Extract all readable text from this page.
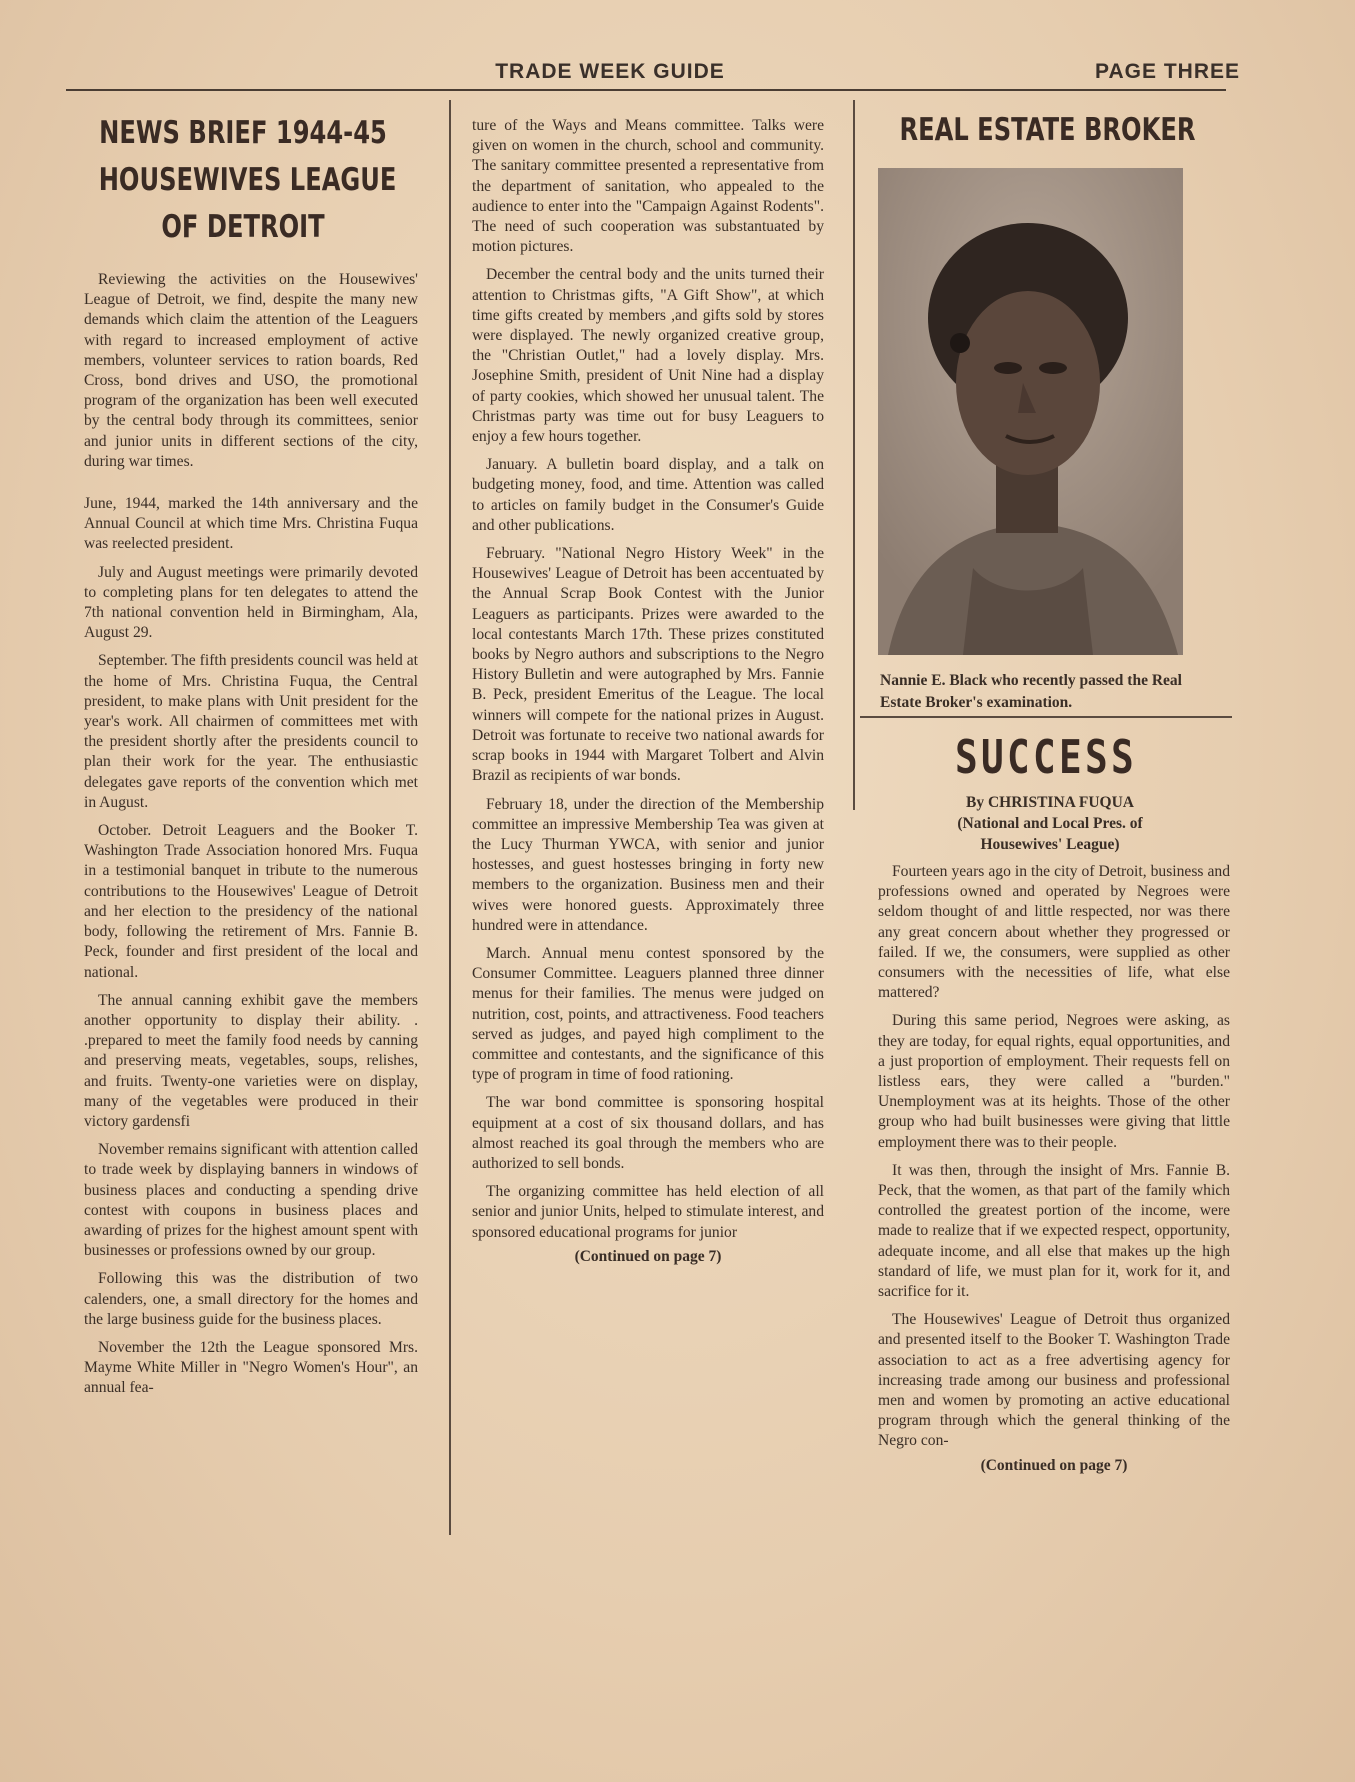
TRADE WEEK GUIDE	PAGE THREE
NEWS BRIEF 1944-45
HOUSEWIVES LEAGUE
OF DETROIT

Reviewing the activities on the Housewives' League of Detroit, we find, despite the many new demands which claim the attention of the Leaguers with regard to increased employment of active members, volunteer services to ration boards, Red Cross, bond drives and USO, the promotional program of the organization has been well executed by the central body through its committees, senior and junior units in different sections of the city, during war times.

June, 1944, marked the 14th anniversary and the Annual Council at which time Mrs. Christina Fuqua was reelected president.

July and August meetings were primarily devoted to completing plans for ten delegates to attend the 7th national convention held in Birmingham, Ala, August 29.

September. The fifth presidents council was held at the home of Mrs. Christina Fuqua, the Central president, to make plans with Unit president for the year's work. All chairmen of committees met with the president shortly after the presidents council to plan their work for the year. The enthusiastic delegates gave reports of the convention which met in August.

October. Detroit Leaguers and the Booker T. Washington Trade Association honored Mrs. Fuqua in a testimonial banquet in tribute to the numerous contributions to the Housewives' League of Detroit and her election to the presidency of the national body, following the retirement of Mrs. Fannie B. Peck, founder and first president of the local and national.

The annual canning exhibit gave the members another opportunity to display their ability. . .prepared to meet the family food needs by canning and preserving meats, vegetables, soups, relishes, and fruits. Twenty-one varieties were on display, many of the vegetables were produced in their victory gardensfi

November remains significant with attention called to trade week by displaying banners in windows of business places and conducting a spending drive contest with coupons in business places and awarding of prizes for the highest amount spent with businesses or professions owned by our group.

Following this was the distribution of two calenders, one, a small directory for the homes and the large business guide for the business places.

November the 12th the League sponsored Mrs. Mayme White Miller in "Negro Women's Hour", an annual fea-

ture of the Ways and Means committee. Talks were given on women in the church, school and community. The sanitary committee presented a representative from the department of sanitation, who appealed to the audience to enter into the "Campaign Against Rodents". The need of such cooperation was substantuated by motion pictures.

December the central body and the units turned their attention to Christmas gifts, "A Gift Show", at which time gifts created by members ,and gifts sold by stores were displayed. The newly organized creative group, the "Christian Outlet," had a lovely display. Mrs. Josephine Smith, president of Unit Nine had a display of party cookies, which showed her unusual talent. The Christmas party was time out for busy Leaguers to enjoy a few hours together.

January. A bulletin board display, and a talk on budgeting money, food, and time. Attention was called to articles on family budget in the Consumer's Guide and other publications.

February. "National Negro History Week" in the Housewives' League of Detroit has been accentuated by the Annual Scrap Book Contest with the Junior Leaguers as participants. Prizes were awarded to the local contestants March 17th. These prizes constituted books by Negro authors and subscriptions to the Negro History Bulletin and were autographed by Mrs. Fannie B. Peck, president Emeritus of the League. The local winners will compete for the national prizes in August. Detroit was fortunate to receive two national awards for scrap books in 1944 with Margaret Tolbert and Alvin Brazil as recipients of war bonds.

February 18, under the direction of the Membership committee an impressive Membership Tea was given at the Lucy Thurman YWCA, with senior and junior hostesses, and guest hostesses bringing in forty new members to the organization. Business men and their wives were honored guests. Approximately three hundred were in attendance.

March. Annual menu contest sponsored by the Consumer Committee. Leaguers planned three dinner menus for their families. The menus were judged on nutrition, cost, points, and attractiveness. Food teachers served as judges, and payed high compliment to the committee and contestants, and the significance of this type of program in time of food rationing.

The war bond committee is sponsoring hospital equipment at a cost of six thousand dollars, and has almost reached its goal through the members who are authorized to sell bonds.

The organizing committee has held election of all senior and junior Units, helped to stimulate interest, and sponsored educational programs for junior

(Continued on page 7)
REAL ESTATE BROKER
Nannie E. Black who recently passed the Real Estate Broker's examination.
SUCCESS
By CHRISTINA FUQUA
(National and Local Pres. of
Housewives' League)

Fourteen years ago in the city of Detroit, business and professions owned and operated by Negroes were seldom thought of and little respected, nor was there any great concern about whether they progressed or failed. If we, the consumers, were supplied as other consumers with the necessities of life, what else mattered?

During this same period, Negroes were asking, as they are today, for equal rights, equal opportunities, and a just proportion of employment. Their requests fell on listless ears, they were called a "burden." Unemployment was at its heights. Those of the other group who had built businesses were giving that little employment there was to their people.

It was then, through the insight of Mrs. Fannie B. Peck, that the women, as that part of the family which controlled the greatest portion of the income, were made to realize that if we expected respect, opportunity, adequate income, and all else that makes up the high standard of life, we must plan for it, work for it, and sacrifice for it.

The Housewives' League of Detroit thus organized and presented itself to the Booker T. Washington Trade association to act as a free advertising agency for increasing trade among our business and professional men and women by promoting an active educational program through which the general thinking of the Negro con-

(Continued on page 7)
